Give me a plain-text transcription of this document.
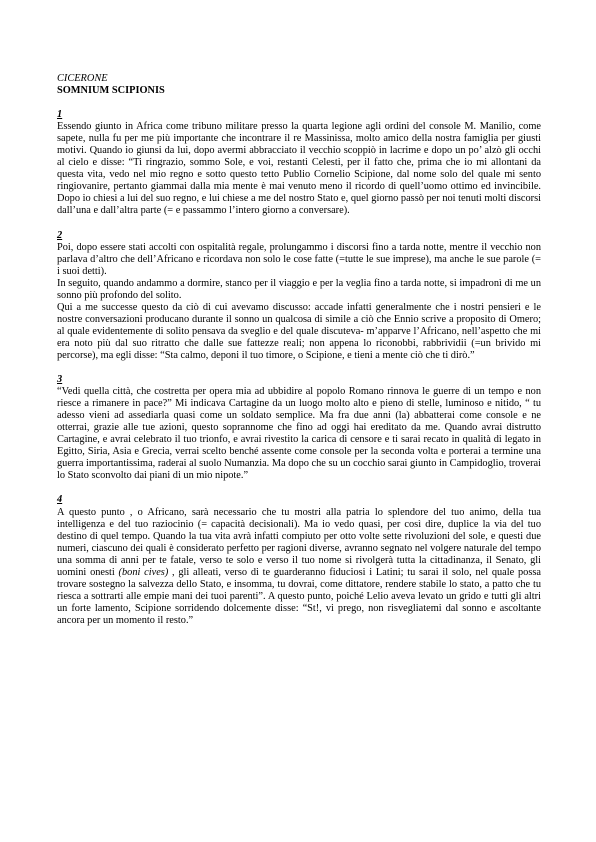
CICERONE
SOMNIUM SCIPIONIS
1

Essendo giunto in Africa come tribuno militare presso la quarta legione agli ordini del console M. Manilio, come sapete, nulla fu per me più importante che incontrare il re Massinissa, molto amico della nostra famiglia per giusti motivi. Quando io giunsi da lui, dopo avermi abbracciato il vecchio scoppiò in lacrime e dopo un po’ alzò gli occhi al cielo e disse: “Ti ringrazio, sommo Sole, e voi, restanti Celesti, per il fatto che, prima che io mi allontani da questa vita, vedo nel mio regno e sotto questo tetto Publio Cornelio Scipione, dal nome solo del quale mi sento ringiovanire, pertanto giammai dalla mia mente è mai venuto meno il ricordo di quell’uomo ottimo ed invincibile. Dopo io chiesi a lui del suo regno, e lui chiese a me del nostro Stato e, quel giorno passò per noi tenuti molti discorsi dall’una e dall’altra parte (= e passammo l’intero giorno a conversare).

2

Poi, dopo essere stati accolti con ospitalità regale, prolungammo i discorsi fino a tarda notte, mentre il vecchio non parlava d’altro che dell’Africano e ricordava non solo le cose fatte (=tutte le sue imprese), ma anche le sue parole (= i suoi detti).

In seguito, quando andammo a dormire, stanco per il viaggio e per la veglia fino a tarda notte, si impadronì di me un sonno più profondo del solito.

Qui a me successe questo da ciò di cui avevamo discusso: accade infatti generalmente che i nostri pensieri e le nostre conversazioni producano durante il sonno un qualcosa di simile a ciò che Ennio scrive a proposito di Omero; al quale evidentemente di solito pensava da sveglio e del quale discuteva- m’apparve l’Africano, nell’aspetto che mi era noto più dal suo ritratto che dalle sue fattezze reali; non appena lo riconobbi, rabbrividii (=un brivido mi percorse), ma egli disse: “Sta calmo, deponi il tuo timore, o Scipione, e tieni a mente ciò che ti dirò.”

3

“Vedi quella città, che costretta per opera mia ad ubbidire al popolo Romano rinnova le guerre di un tempo e non riesce a rimanere in pace?” Mi indicava Cartagine da un luogo molto alto e pieno di stelle, luminoso e nitido, “ tu adesso vieni ad assediarla quasi come un soldato semplice. Ma fra due anni (la) abbatterai come console e ne otterrai, grazie alle tue azioni, questo soprannome che fino ad oggi hai ereditato da me. Quando avrai distrutto Cartagine, e avrai celebrato il tuo trionfo, e avrai rivestito la carica di censore e ti sarai recato in qualità di legato in Egitto, Siria, Asia e Grecia, verrai scelto benché assente come console per la seconda volta e porterai a termine una guerra importantissima, raderai al suolo Numanzia. Ma dopo che su un cocchio sarai giunto in Campidoglio, troverai lo Stato sconvolto dai piani di un mio nipote.”

4

A questo punto , o Africano, sarà necessario che tu mostri alla patria lo splendore del tuo animo, della tua intelligenza e del tuo raziocinio (= capacità decisionali). Ma io vedo quasi, per così dire, duplice la via del tuo destino di quel tempo. Quando la tua vita avrà infatti compiuto per otto volte sette rivoluzioni del sole, e questi due numeri, ciascuno dei quali è considerato perfetto per ragioni diverse, avranno segnato nel volgere naturale del tempo una somma di anni per te fatale, verso te solo e verso il tuo nome si rivolgerà tutta la cittadinanza, il Senato, gli uomini onesti (boni cives) , gli alleati, verso di te guarderanno fiduciosi i Latini; tu sarai il solo, nel quale possa trovare sostegno la salvezza dello Stato, e insomma, tu dovrai, come dittatore, rendere stabile lo stato, a patto che tu riesca a sottrarti alle empie mani dei tuoi parenti”. A questo punto, poiché Lelio aveva levato un grido e tutti gli altri un forte lamento, Scipione sorridendo dolcemente disse: “St!, vi prego, non risvegliatemi dal sonno e ascoltante ancora per un momento il resto.”
